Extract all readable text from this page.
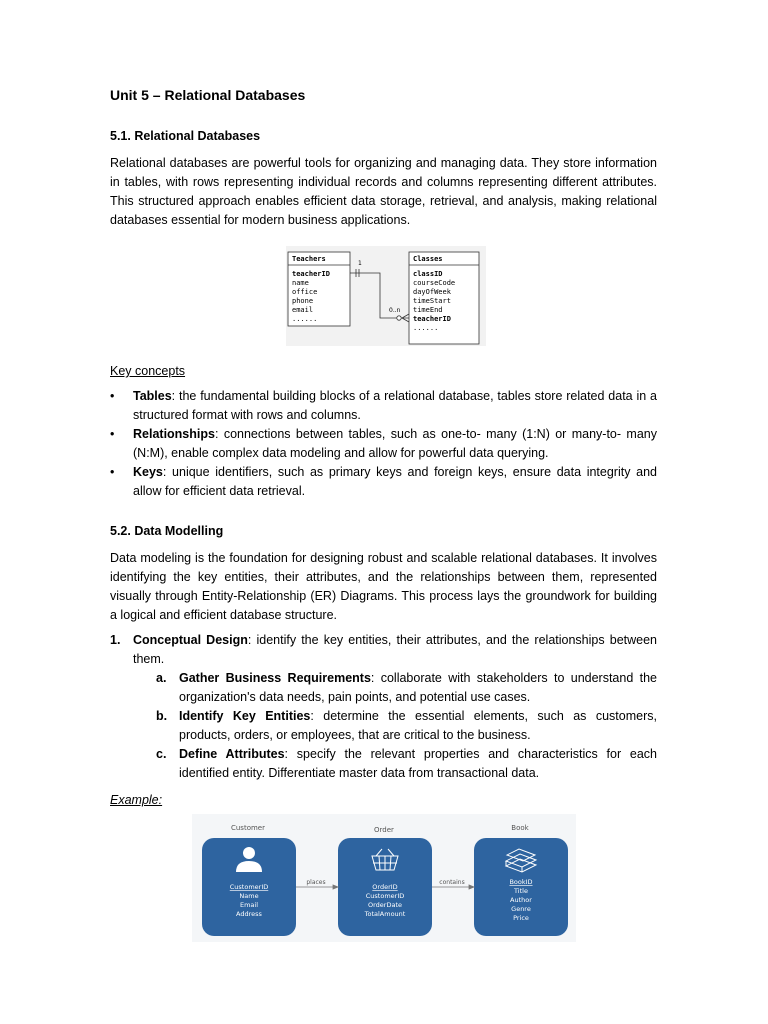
Unit 5 – Relational Databases
5.1. Relational Databases

Relational databases are powerful tools for organizing and managing data. They store information in tables, with rows representing individual records and columns representing different attributes. This structured approach enables efficient data storage, retrieval, and analysis, making relational databases essential for modern business applications.

Teachers
teacherID
name
office
phone
email
......
Classes
classID
courseCode
dayOfWeek
timeStart
timeEnd
teacherID
......
1
0..n
Key concepts
• Tables: the fundamental building blocks of a relational database, tables store related data in a structured format with rows and columns.
• Relationships: connections between tables, such as one-to- many (1:N) or many-to- many (N:M), enable complex data modeling and allow for powerful data querying.
• Keys: unique identifiers, such as primary keys and foreign keys, ensure data integrity and allow for efficient data retrieval.
5.2. Data Modelling

Data modeling is the foundation for designing robust and scalable relational databases. It involves identifying the key entities, their attributes, and the relationships between them, represented visually through Entity-Relationship (ER) Diagrams. This process lays the groundwork for building a logical and efficient database structure.

1. Conceptual Design: identify the key entities, their attributes, and the relationships between them.
a. Gather Business Requirements: collaborate with stakeholders to understand the organization's data needs, pain points, and potential use cases.
b. Identify Key Entities: determine the essential elements, such as customers, products, orders, or employees, that are critical to the business.
c. Define Attributes: specify the relevant properties and characteristics for each identified entity. Differentiate master data from transactional data.
Example:
Customer	Order	Book
places	contains
CustomerID
Name
Email
Address
OrderID
CustomerID
OrderDate
TotalAmount
BookID
Title
Author
Genre
Price
